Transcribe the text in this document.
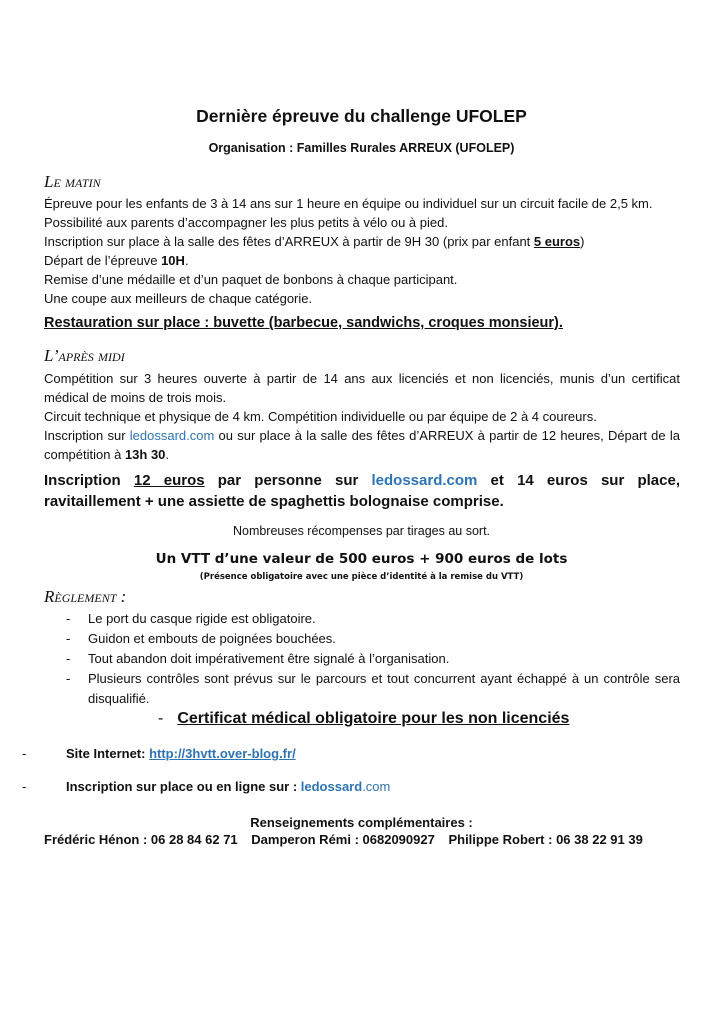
Dernière épreuve du challenge UFOLEP
Organisation : Familles Rurales ARREUX (UFOLEP)
Le matin
Épreuve pour les enfants de 3 à 14 ans sur 1 heure en équipe ou individuel sur un circuit facile de 2,5 km.
Possibilité aux parents d’accompagner les plus petits à vélo ou à pied.
Inscription sur place à la salle des fêtes d’ARREUX à partir de 9H 30 (prix par enfant 5 euros)
Départ de l’épreuve 10H.
Remise d’une médaille et d’un paquet de bonbons à chaque participant.
Une coupe aux meilleurs de chaque catégorie.
Restauration sur place : buvette (barbecue, sandwichs, croques monsieur).
L’après midi
Compétition sur 3 heures ouverte à partir de 14 ans aux licenciés et non licenciés, munis d’un certificat médical de moins de trois mois.
Circuit technique et physique de 4 km. Compétition individuelle ou par équipe de 2 à 4 coureurs.
Inscription sur ledossard.com ou sur place à la salle des fêtes d’ARREUX à partir de 12 heures, Départ de la compétition à 13h 30.
Inscription 12 euros par personne sur ledossard.com et 14 euros sur place, ravitaillement + une assiette de spaghettis bolognaise comprise.
Nombreuses récompenses par tirages au sort.
Un VTT d’une valeur de 500 euros + 900 euros de lots
(Présence obligatoire avec une pièce d’identité à la remise du VTT)
Règlement :
- Le port du casque rigide est obligatoire.
- Guidon et embouts de poignées bouchées.
- Tout abandon doit impérativement être signalé à l’organisation.
- Plusieurs contrôles sont prévus sur le parcours et tout concurrent ayant échappé à un contrôle sera disqualifié.
- Certificat médical obligatoire pour les non licenciés
-	Site Internet: http://3hvtt.over-blog.fr/
-	Inscription sur place ou en ligne sur : ledossard.com
Renseignements complémentaires :
Frédéric Hénon : 06 28 84 62 71 Damperon Rémi : 0682090927 Philippe Robert : 06 38 22 91 39
